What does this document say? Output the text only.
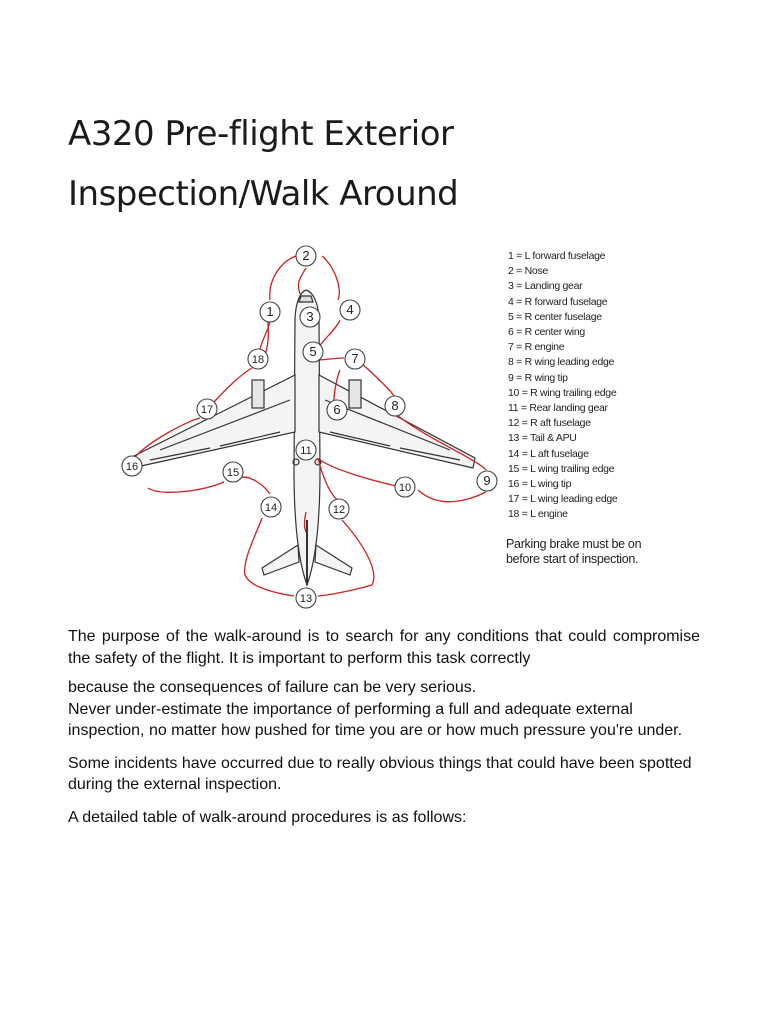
A320 Pre-flight Exterior
Inspection/Walk Around
1
2
3	4
5
6
7
8
9
10
11
12
13
14
15
16
17
18
1 = L forward fuselage
2 = Nose
3 = Landing gear
4 = R forward fuselage
5 = R center fuselage
6 = R center wing
7 = R engine
8 = R wing leading edge
9 = R wing tip
10 = R wing trailing edge
11 = Rear landing gear
12 = R aft fuselage
13 = Tail & APU
14 = L aft fuselage
15 = L wing trailing edge
16 = L wing tip
17 = L wing leading edge
18 = L engine
Parking brake must be on before start of inspection.

The purpose of the walk-around is to search for any conditions that could compromise the safety of the flight. It is important to perform this task correctly

because the consequences of failure can be very serious.

Never under-estimate the importance of performing a full and adequate external inspection, no matter how pushed for time you are or how much pressure you're under.

Some incidents have occurred due to really obvious things that could have been spotted during the external inspection.

A detailed table of walk-around procedures is as follows:
